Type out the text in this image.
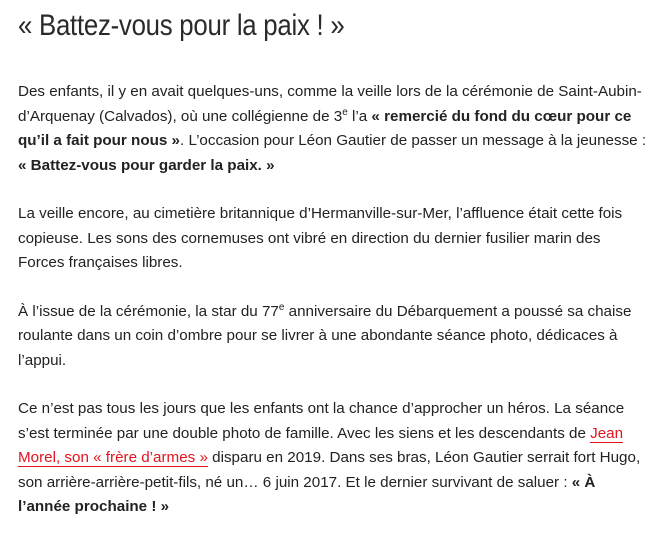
« Battez-vous pour la paix ! »

Des enfants, il y en avait quelques-uns, comme la veille lors de la cérémonie de Saint-Aubin-d’Arquenay (Calvados), où une collégienne de 3e l’a « remercié du fond du cœur pour ce qu’il a fait pour nous ». L’occasion pour Léon Gautier de passer un message à la jeunesse : « Battez-vous pour garder la paix. »

La veille encore, au cimetière britannique d’Hermanville-sur-Mer, l’affluence était cette fois copieuse. Les sons des cornemuses ont vibré en direction du dernier fusilier marin des Forces françaises libres.

À l’issue de la cérémonie, la star du 77e anniversaire du Débarquement a poussé sa chaise roulante dans un coin d’ombre pour se livrer à une abondante séance photo, dédicaces à l’appui.

Ce n’est pas tous les jours que les enfants ont la chance d’approcher un héros. La séance s’est terminée par une double photo de famille. Avec les siens et les descendants de Jean Morel, son « frère d’armes » disparu en 2019. Dans ses bras, Léon Gautier serrait fort Hugo, son arrière-arrière-petit-fils, né un… 6 juin 2017. Et le dernier survivant de saluer : « À l’année prochaine ! »
